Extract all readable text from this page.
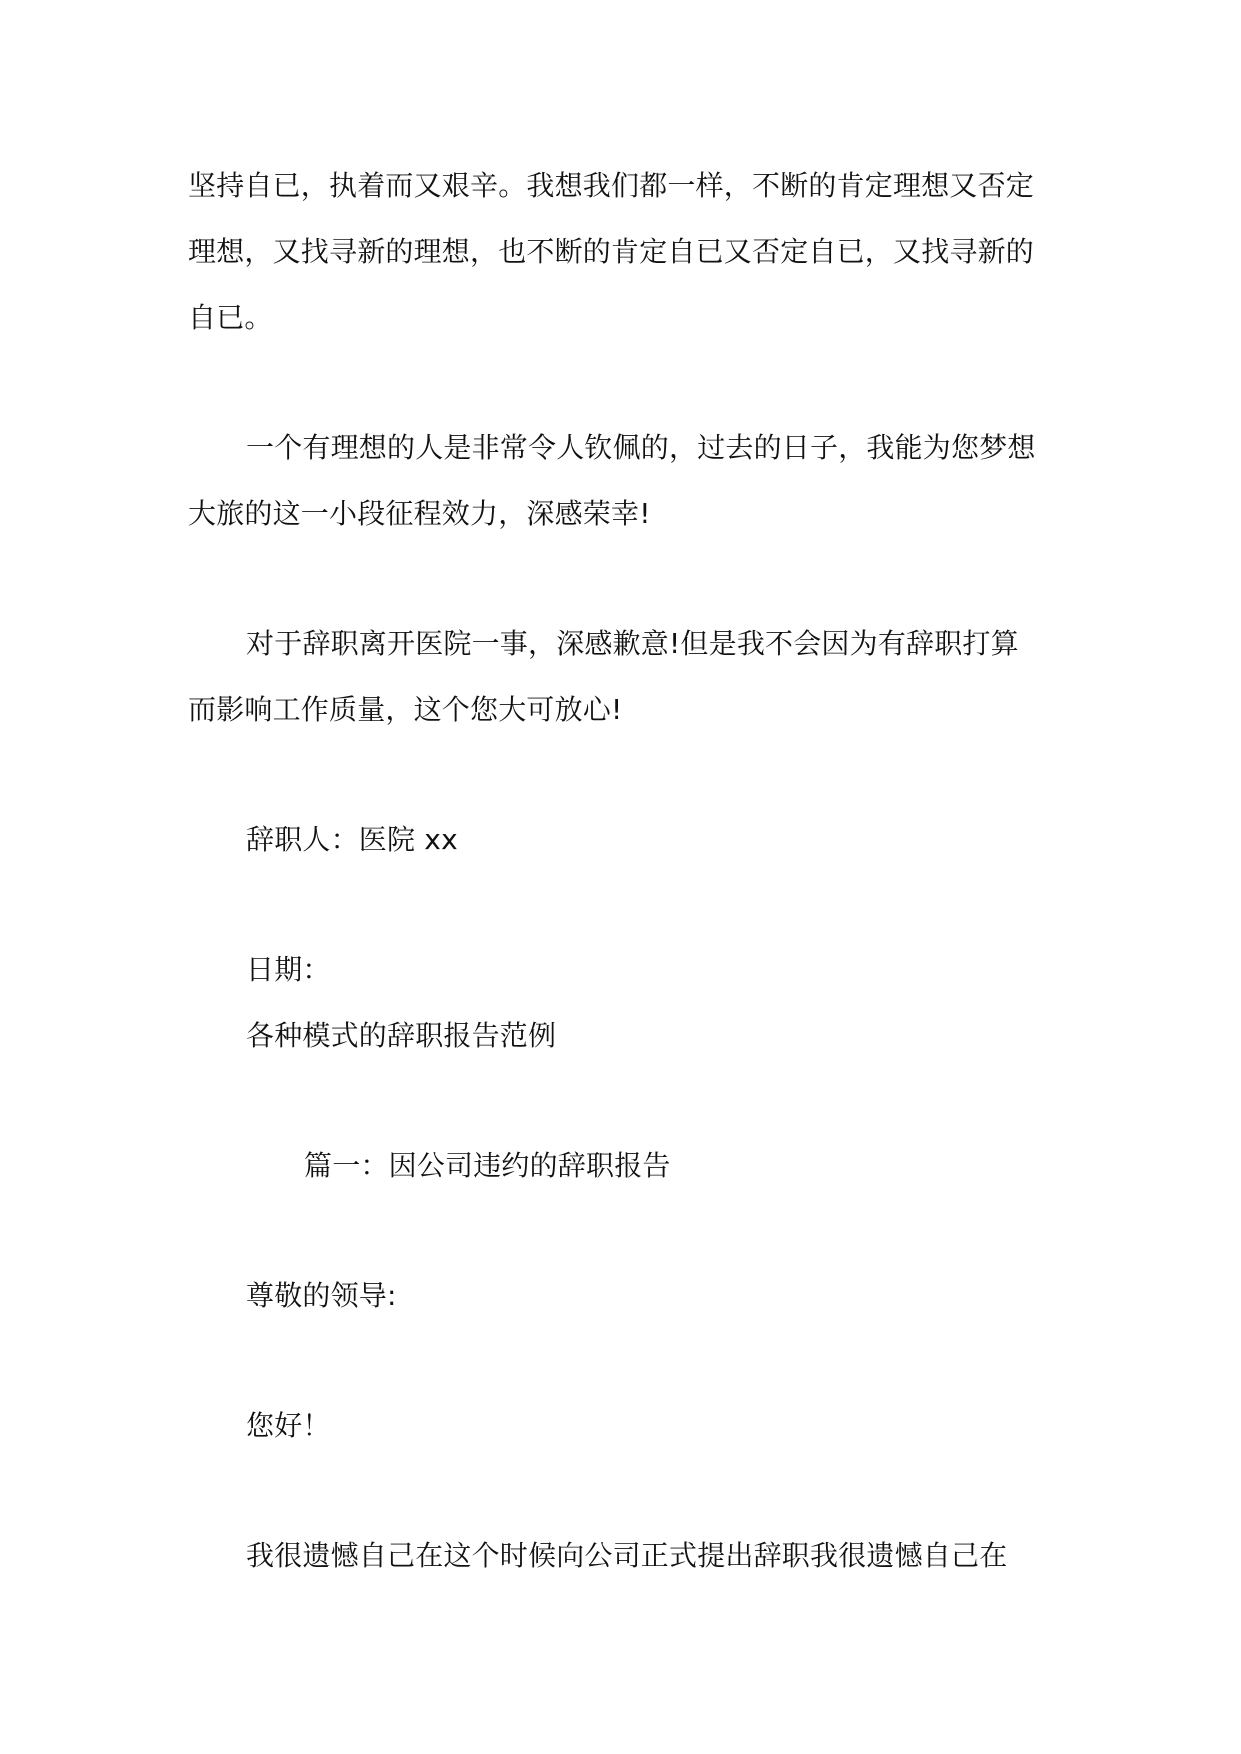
坚持自已，执着而又艰辛。我想我们都一样，不断的肯定理想又否定
理想，又找寻新的理想，也不断的肯定自已又否定自已，又找寻新的
自已。
一个有理想的人是非常令人钦佩的，过去的日子，我能为您梦想
大旅的这一小段征程效力，深感荣幸!
对于辞职离开医院一事，深感歉意!但是我不会因为有辞职打算
而影响工作质量，这个您大可放心!
辞职人：医院 xx
日期：
各种模式的辞职报告范例
篇一：因公司违约的辞职报告
尊敬的领导:
您好！
我很遗憾自己在这个时候向公司正式提出辞职我很遗憾自己在
